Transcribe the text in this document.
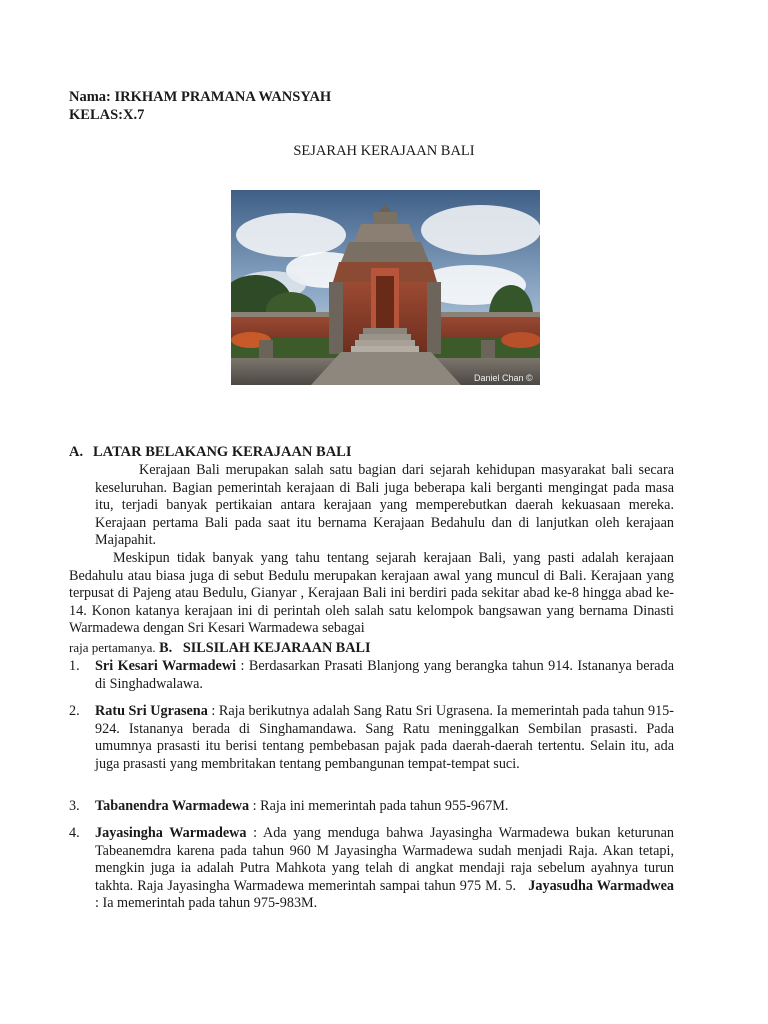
Nama: IRKHAM PRAMANA WANSYAH
KELAS:X.7
SEJARAH KERAJAAN BALI
Daniel Chan ©
A. LATAR BELAKANG KERAJAAN BALI
Kerajaan Bali merupakan salah satu bagian dari sejarah kehidupan masyarakat bali secara keseluruhan. Bagian pemerintah kerajaan di Bali juga beberapa kali berganti mengingat pada masa itu, terjadi banyak pertikaian antara kerajaan yang memperebutkan daerah kekuasaan mereka. Kerajaan pertama Bali pada saat itu bernama Kerajaan Bedahulu dan di lanjutkan oleh kerajaan Majapahit.
Meskipun tidak banyak yang tahu tentang sejarah kerajaan Bali, yang pasti adalah kerajaan Bedahulu atau biasa juga di sebut Bedulu merupakan kerajaan awal yang muncul di Bali. Kerajaan yang terpusat di Pajeng atau Bedulu, Gianyar , Kerajaan Bali ini berdiri pada sekitar abad ke-8 hingga abad ke-14. Konon katanya kerajaan ini di perintah oleh salah satu kelompok bangsawan yang bernama Dinasti Warmadewa dengan Sri Kesari Warmadewa sebagai
raja pertamanya. B. SILSILAH KEJARAAN BALI
1. Sri Kesari Warmadewi : Berdasarkan Prasati Blanjong yang berangka tahun 914. Istananya berada di Singhadwalawa.
2. Ratu Sri Ugrasena : Raja berikutnya adalah Sang Ratu Sri Ugrasena. Ia memerintah pada tahun 915-924. Istananya berada di Singhamandawa. Sang Ratu meninggalkan Sembilan prasasti. Pada umumnya prasasti itu berisi tentang pembebasan pajak pada daerah-daerah tertentu. Selain itu, ada juga prasasti yang membritakan tentang pembangunan tempat-tempat suci.
3. Tabanendra Warmadewa : Raja ini memerintah pada tahun 955-967M.
4. Jayasingha Warmadewa : Ada yang menduga bahwa Jayasingha Warmadewa bukan keturunan Tabeanemdra karena pada tahun 960 M Jayasingha Warmadewa sudah menjadi Raja. Akan tetapi, mengkin juga ia adalah Putra Mahkota yang telah di angkat mendaji raja sebelum ayahnya turun takhta. Raja Jayasingha Warmadewa memerintah sampai tahun 975 M. 5. Jayasudha Warmadwea : Ia memerintah pada tahun 975-983M.
